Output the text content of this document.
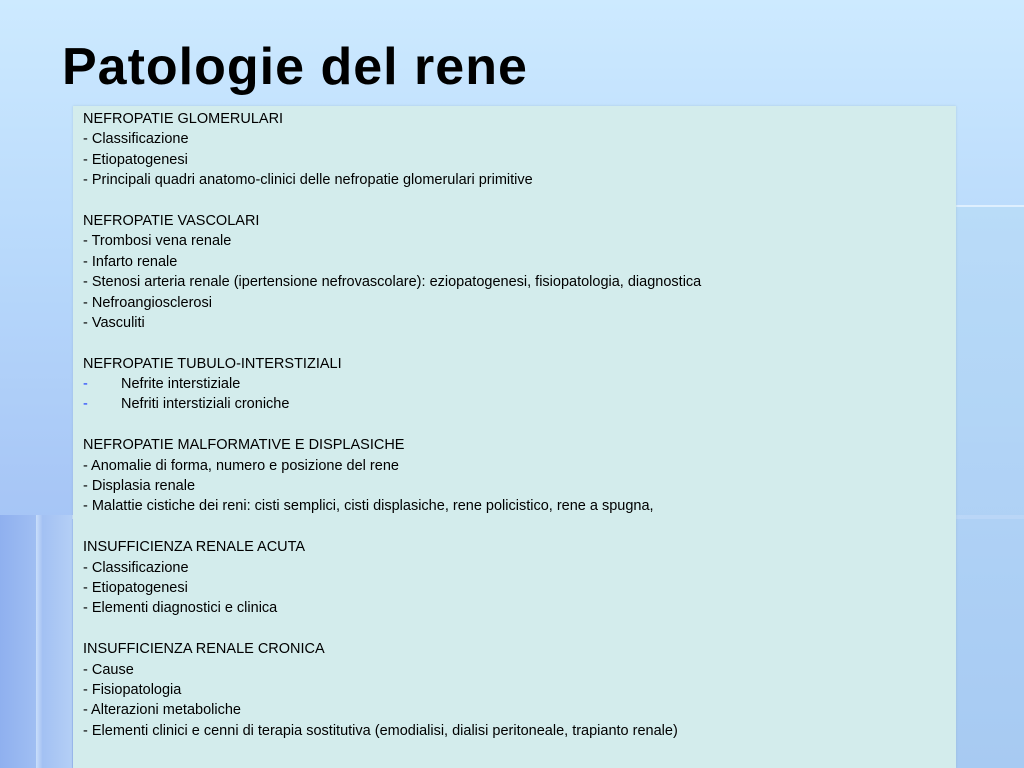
Patologie del rene
NEFROPATIE GLOMERULARI
- Classificazione
- Etiopatogenesi
- Principali quadri anatomo-clinici delle nefropatie glomerulari primitive
NEFROPATIE VASCOLARI
- Trombosi vena renale
- Infarto renale
- Stenosi arteria renale (ipertensione nefrovascolare): eziopatogenesi, fisiopatologia, diagnostica
- Nefroangiosclerosi
- Vasculiti
NEFROPATIE TUBULO-INTERSTIZIALI
-	Nefrite interstiziale
-	Nefriti interstiziali croniche
NEFROPATIE MALFORMATIVE E DISPLASICHE
- Anomalie di forma, numero e posizione del rene
- Displasia renale
- Malattie cistiche dei reni: cisti semplici, cisti displasiche, rene policistico, rene a spugna,
INSUFFICIENZA RENALE ACUTA
- Classificazione
- Etiopatogenesi
- Elementi diagnostici e clinica
INSUFFICIENZA RENALE CRONICA
- Cause
- Fisiopatologia
- Alterazioni metaboliche
- Elementi clinici e cenni di terapia sostitutiva (emodialisi, dialisi peritoneale, trapianto renale)
